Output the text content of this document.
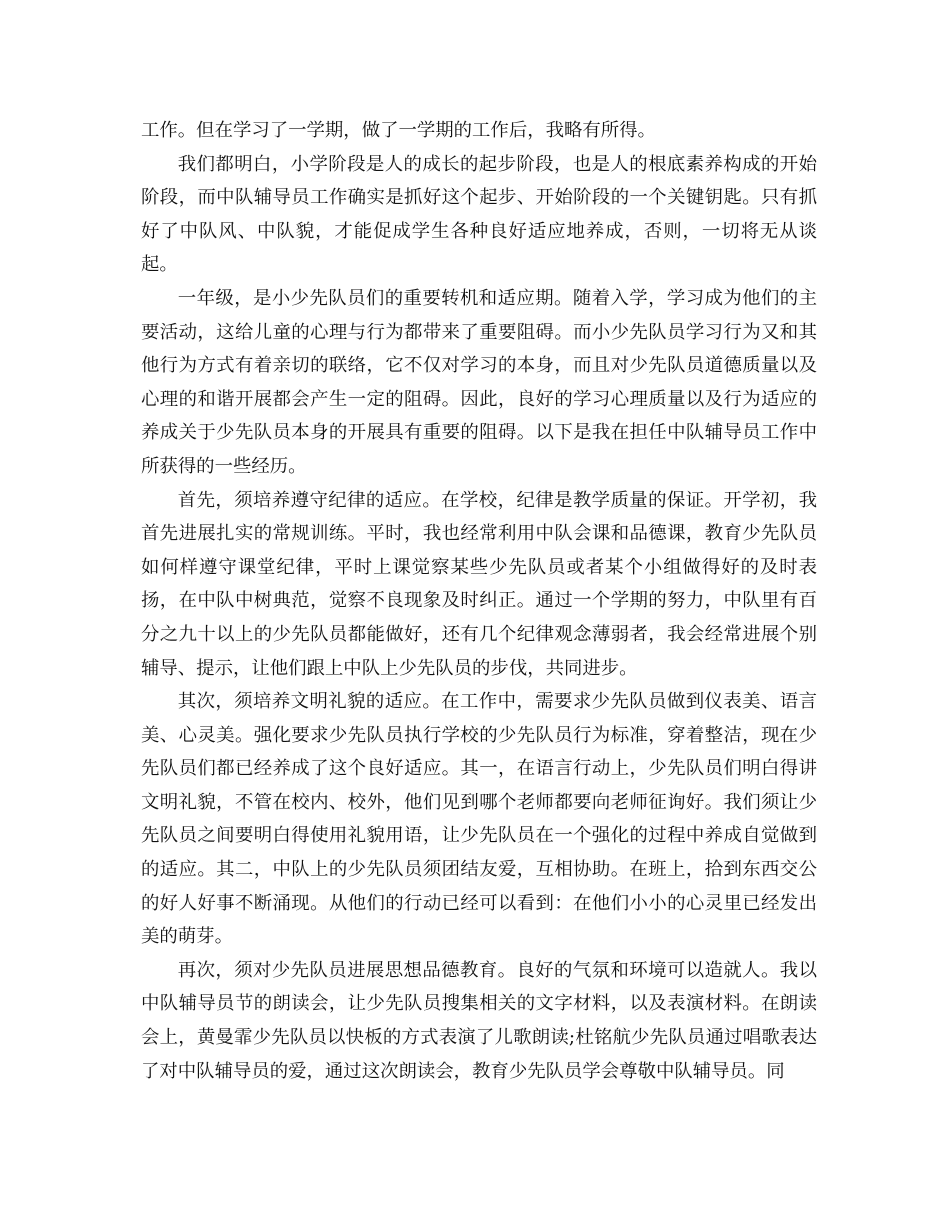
工作。但在学习了一学期，做了一学期的工作后，我略有所得。

我们都明白，小学阶段是人的成长的起步阶段，也是人的根底素养构成的开始阶段，而中队辅导员工作确实是抓好这个起步、开始阶段的一个关键钥匙。只有抓好了中队风、中队貌，才能促成学生各种良好适应地养成，否则，一切将无从谈起。

一年级，是小少先队员们的重要转机和适应期。随着入学，学习成为他们的主要活动，这给儿童的心理与行为都带来了重要阻碍。而小少先队员学习行为又和其他行为方式有着亲切的联络，它不仅对学习的本身，而且对少先队员道德质量以及心理的和谐开展都会产生一定的阻碍。因此，良好的学习心理质量以及行为适应的养成关于少先队员本身的开展具有重要的阻碍。以下是我在担任中队辅导员工作中所获得的一些经历。

首先，须培养遵守纪律的适应。在学校，纪律是教学质量的保证。开学初，我首先进展扎实的常规训练。平时，我也经常利用中队会课和品德课，教育少先队员如何样遵守课堂纪律，平时上课觉察某些少先队员或者某个小组做得好的及时表扬，在中队中树典范，觉察不良现象及时纠正。通过一个学期的努力，中队里有百分之九十以上的少先队员都能做好，还有几个纪律观念薄弱者，我会经常进展个别辅导、提示，让他们跟上中队上少先队员的步伐，共同进步。

其次，须培养文明礼貌的适应。在工作中，需要求少先队员做到仪表美、语言美、心灵美。强化要求少先队员执行学校的少先队员行为标准，穿着整洁，现在少先队员们都已经养成了这个良好适应。其一，在语言行动上，少先队员们明白得讲文明礼貌，不管在校内、校外，他们见到哪个老师都要向老师征询好。我们须让少先队员之间要明白得使用礼貌用语，让少先队员在一个强化的过程中养成自觉做到的适应。其二，中队上的少先队员须团结友爱，互相协助。在班上，拾到东西交公的好人好事不断涌现。从他们的行动已经可以看到：在他们小小的心灵里已经发出美的萌芽。

再次，须对少先队员进展思想品德教育。良好的气氛和环境可以造就人。我以中队辅导员节的朗读会，让少先队员搜集相关的文字材料，以及表演材料。在朗读会上，黄曼霏少先队员以快板的方式表演了儿歌朗读;杜铭航少先队员通过唱歌表达了对中队辅导员的爱，通过这次朗读会，教育少先队员学会尊敬中队辅导员。同
